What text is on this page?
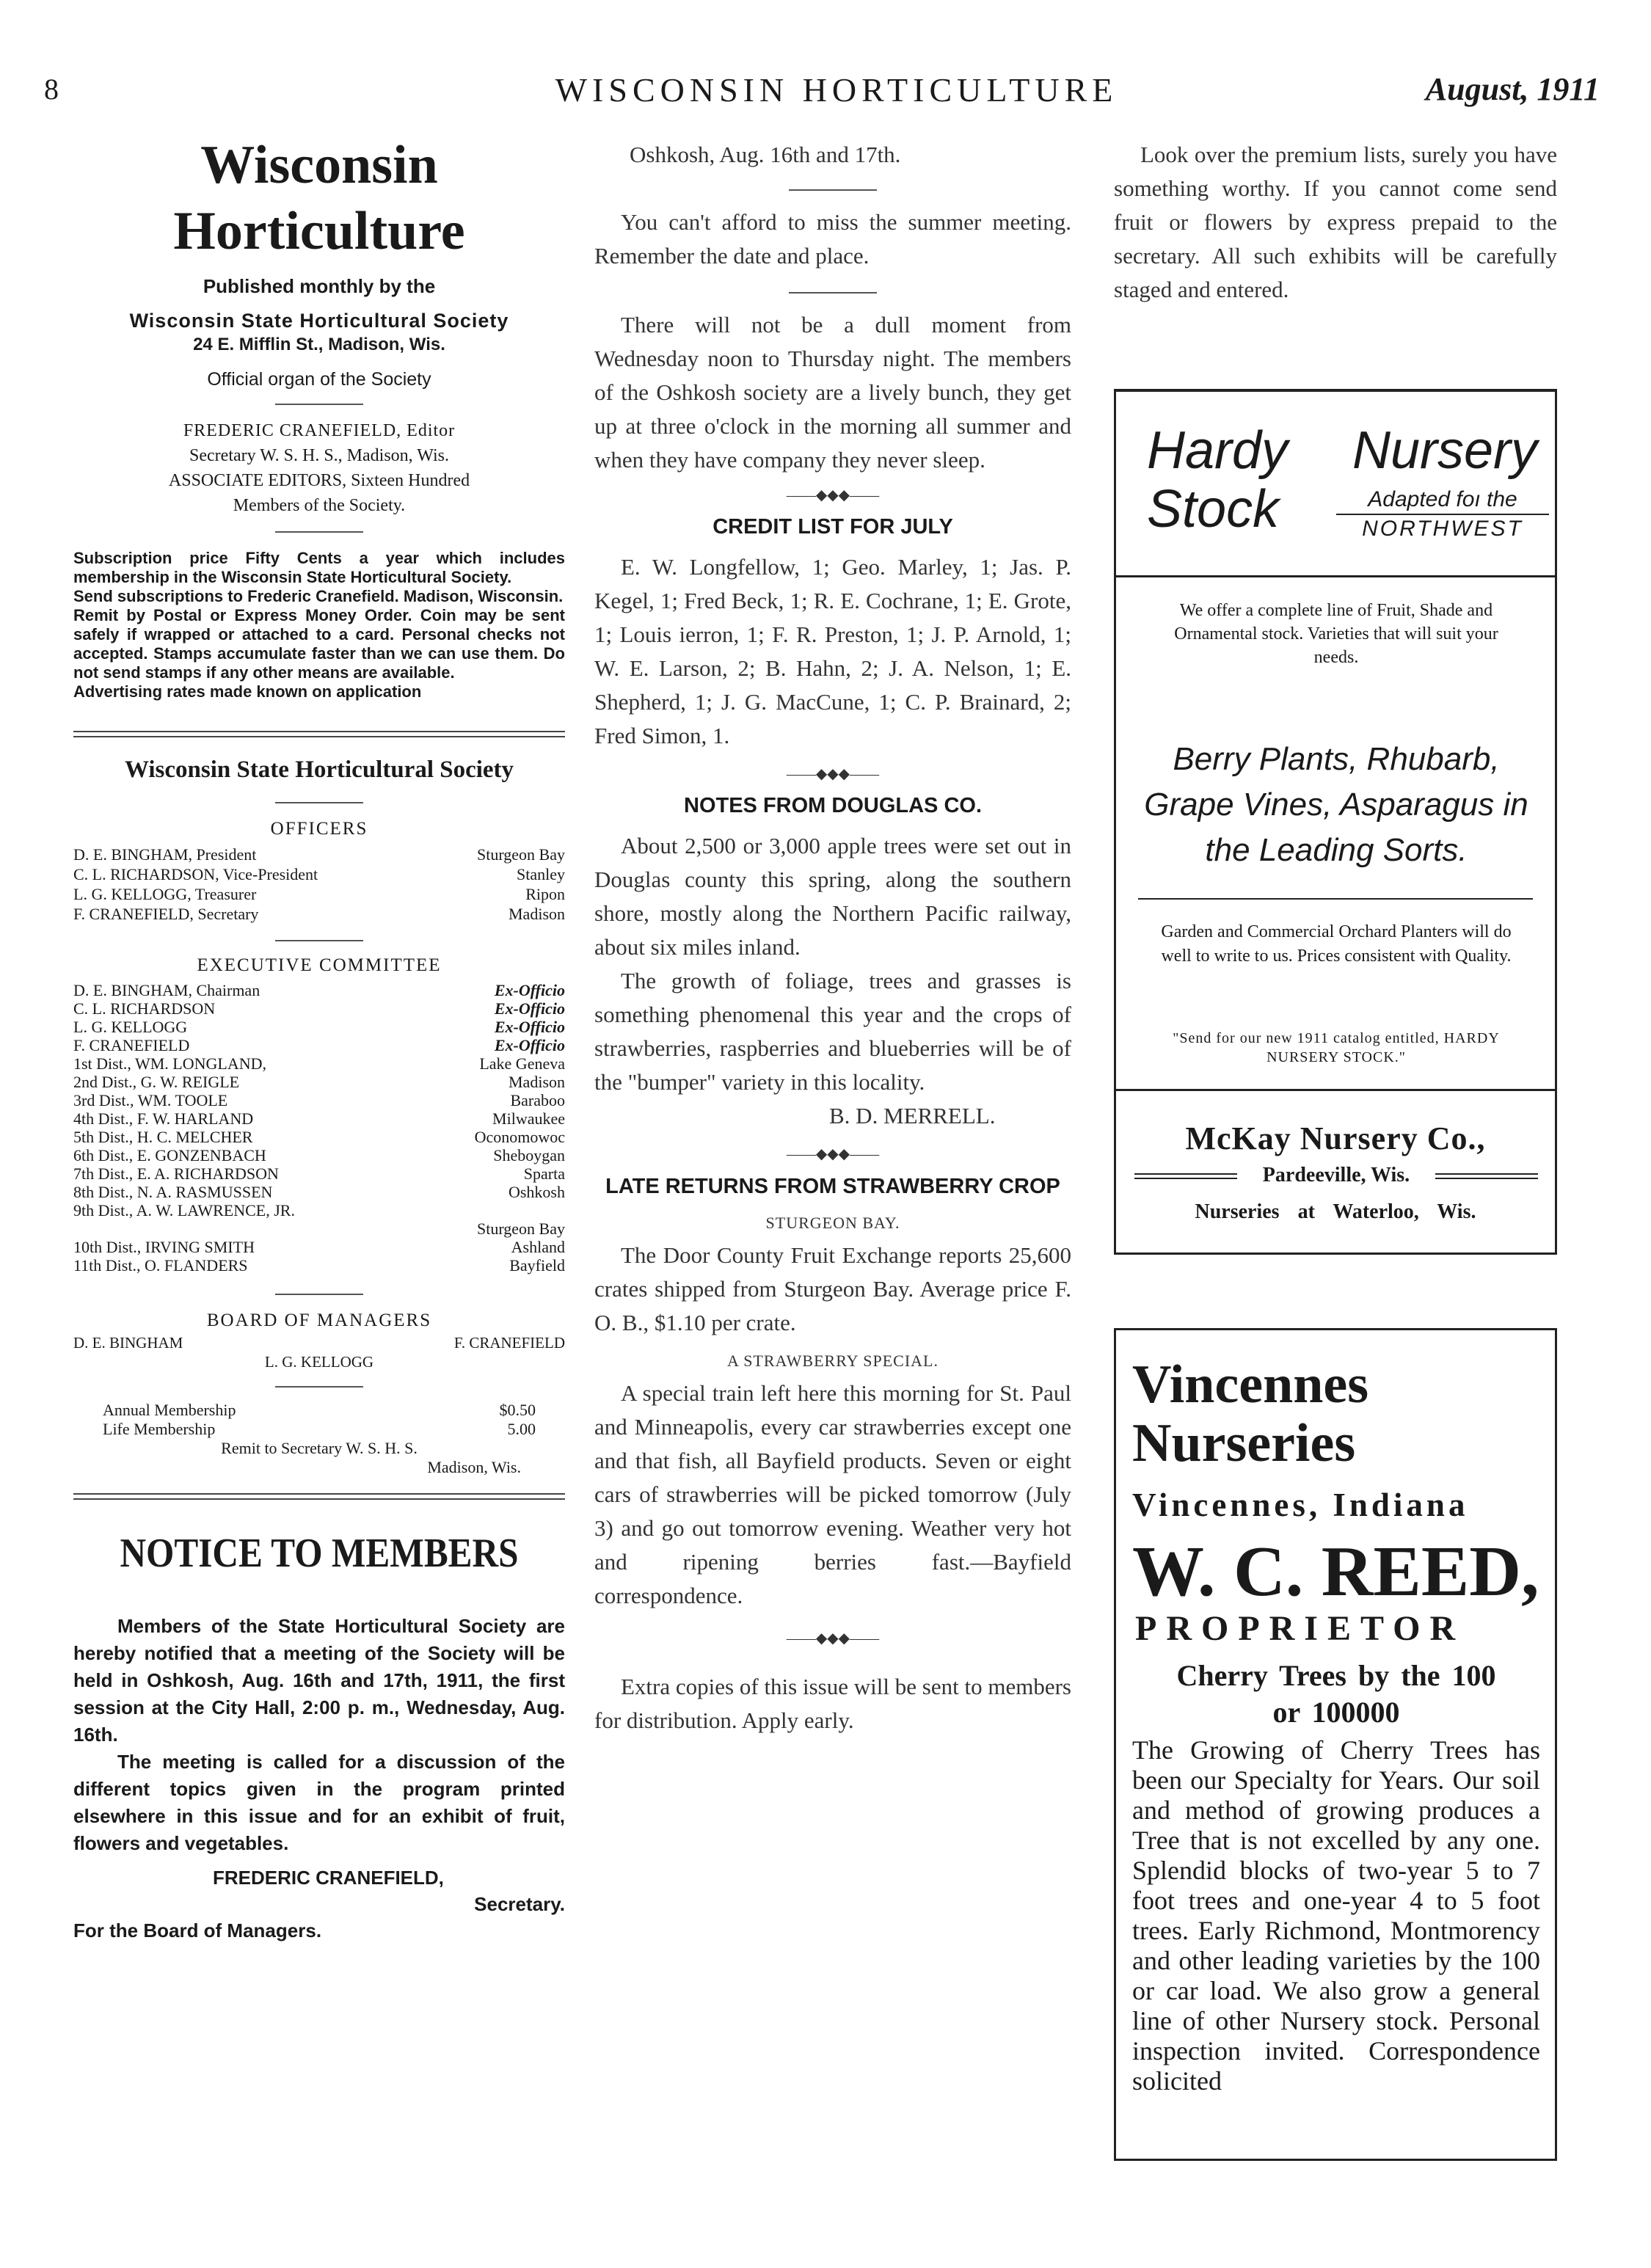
8	WISCONSIN HORTICULTURE	August, 1911
Wisconsin Horticulture
Published monthly by the
Wisconsin State Horticultural Society
24 E. Mifflin St., Madison, Wis.
Official organ of the Society
FREDERIC CRANEFIELD, Editor
Secretary W. S. H. S., Madison, Wis.
ASSOCIATE EDITORS, Sixteen Hundred
Members of the Society.
Subscription price Fifty Cents a year which includes membership in the Wisconsin State Horticultural Society.
Send subscriptions to Frederic Cranefield. Madison, Wisconsin.
Remit by Postal or Express Money Order. Coin may be sent safely if wrapped or attached to a card. Personal checks not accepted. Stamps accumulate faster than we can use them. Do not send stamps if any other means are available.
Advertising rates made known on application
Wisconsin State Horticultural Society
OFFICERS
D. E. BINGHAM, President	Sturgeon Bay
C. L. RICHARDSON, Vice-President	Stanley
L. G. KELLOGG, Treasurer	Ripon
F. CRANEFIELD, Secretary	Madison
EXECUTIVE COMMITTEE
D. E. BINGHAM, Chairman	Ex-Officio
C. L. RICHARDSON	Ex-Officio
L. G. KELLOGG	Ex-Officio
F. CRANEFIELD	Ex-Officio
1st Dist., WM. LONGLAND,	Lake Geneva
2nd Dist., G. W. REIGLE	Madison
3rd Dist., WM. TOOLE	Baraboo
4th Dist., F. W. HARLAND	Milwaukee
5th Dist., H. C. MELCHER	Oconomowoc
6th Dist., E. GONZENBACH	Sheboygan
7th Dist., E. A. RICHARDSON	Sparta
8th Dist., N. A. RASMUSSEN	Oshkosh
9th Dist., A. W. LAWRENCE, JR.
Sturgeon Bay
10th Dist., IRVING SMITH	Ashland
11th Dist., O. FLANDERS	Bayfield
BOARD OF MANAGERS
D. E. BINGHAM	F. CRANEFIELD
L. G. KELLOGG
Annual Membership	$0.50
Life Membership	5.00
Remit to Secretary W. S. H. S.
Madison, Wis.
NOTICE TO MEMBERS
Members of the State Horticultural Society are hereby notified that a meeting of the Society will be held in Oshkosh, Aug. 16th and 17th, 1911, the first session at the City Hall, 2:00 p. m., Wednesday, Aug. 16th.
The meeting is called for a discussion of the different topics given in the program printed elsewhere in this issue and for an exhibit of fruit, flowers and vegetables.
FREDERIC CRANEFIELD,
Secretary.
For the Board of Managers.
Oshkosh, Aug. 16th and 17th.
You can't afford to miss the summer meeting. Remember the date and place.
There will not be a dull moment from Wednesday noon to Thursday night. The members of the Oshkosh society are a lively bunch, they get up at three o'clock in the morning all summer and when they have company they never sleep.
——◆◆◆——
CREDIT LIST FOR JULY
E. W. Longfellow, 1; Geo. Marley, 1; Jas. P. Kegel, 1; Fred Beck, 1; R. E. Cochrane, 1; E. Grote, 1; Louis ierron, 1; F. R. Preston, 1; J. P. Arnold, 1; W. E. Larson, 2; B. Hahn, 2; J. A. Nelson, 1; E. Shepherd, 1; J. G. MacCune, 1; C. P. Brainard, 2; Fred Simon, 1.
——◆◆◆——
NOTES FROM DOUGLAS CO.
About 2,500 or 3,000 apple trees were set out in Douglas county this spring, along the southern shore, mostly along the Northern Pacific railway, about six miles inland.
The growth of foliage, trees and grasses is something phenomenal this year and the crops of strawberries, raspberries and blueberries will be of the "bumper" variety in this locality.
B. D. MERRELL.
——◆◆◆——
LATE RETURNS FROM STRAWBERRY CROP
STURGEON BAY.
The Door County Fruit Exchange reports 25,600 crates shipped from Sturgeon Bay. Average price F. O. B., $1.10 per crate.
A STRAWBERRY SPECIAL.
A special train left here this morning for St. Paul and Minneapolis, every car strawberries except one and that fish, all Bayfield products. Seven or eight cars of strawberries will be picked tomorrow (July 3) and go out tomorrow evening. Weather very hot and ripening berries fast.—Bayfield correspondence.
——◆◆◆——
Extra copies of this issue will be sent to members for distribution. Apply early.
Look over the premium lists, surely you have something worthy. If you cannot come send fruit or flowers by express prepaid to the secretary. All such exhibits will be carefully staged and entered.
Hardy Nursery
Stock	Adapted foı the
NORTHWEST
We offer a complete line of Fruit, Shade and Ornamental stock. Varieties that will suit your needs.
Berry Plants, Rhubarb, Grape Vines, Asparagus in the Leading Sorts.
Garden and Commercial Orchard Planters will do well to write to us. Prices consistent with Quality.
"Send for our new 1911 catalog entitled, HARDY NURSERY STOCK."
McKay Nursery Co.,
Pardeeville, Wis.
Nurseries at Waterloo, Wis.
Vincennes Nurseries
Vincennes, Indiana
W. C. REED,
PROPRIETOR
Cherry Trees by the 100 or 100000
The Growing of Cherry Trees has been our Specialty for Years. Our soil and method of growing produces a Tree that is not excelled by any one. Splendid blocks of two-year 5 to 7 foot trees and one-year 4 to 5 foot trees. Early Richmond, Montmorency and other leading varieties by the 100 or car load. We also grow a general line of other Nursery stock. Personal inspection invited. Correspondence solicited
